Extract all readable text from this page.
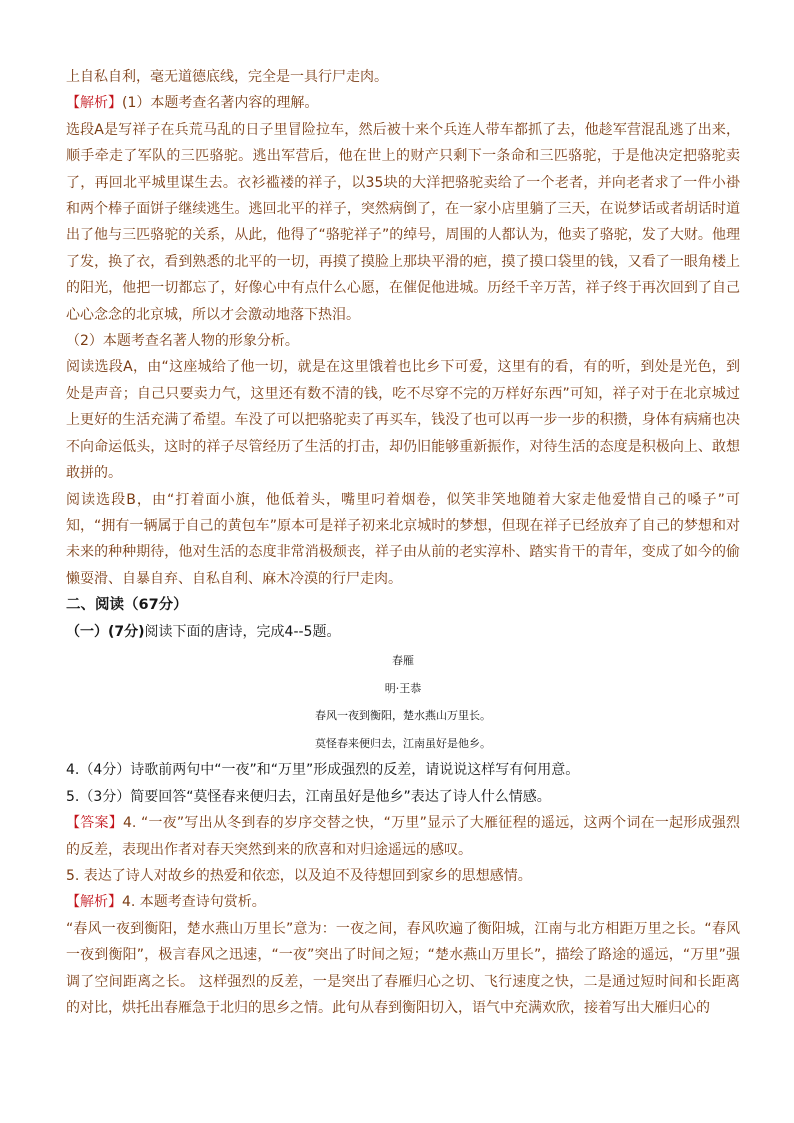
上自私自利，毫无道德底线，完全是一具行尸走肉。

【解析】(1）本题考查名著内容的理解。

选段A是写祥子在兵荒马乱的日子里冒险拉车，然后被十来个兵连人带车都抓了去，他趁军营混乱逃了出来，顺手牵走了军队的三匹骆驼。逃出军营后，他在世上的财产只剩下一条命和三匹骆驼，于是他决定把骆驼卖了，再回北平城里谋生去。衣衫褴褛的祥子，以35块的大洋把骆驼卖给了一个老者，并向老者求了一件小褂和两个棒子面饼子继续逃生。逃回北平的祥子，突然病倒了，在一家小店里躺了三天，在说梦话或者胡话时道出了他与三匹骆驼的关系，从此，他得了“骆驼祥子”的绰号，周围的人都认为，他卖了骆驼，发了大财。他理了发，换了衣，看到熟悉的北平的一切，再摸了摸脸上那块平滑的疤，摸了摸口袋里的钱，又看了一眼角楼上的阳光，他把一切都忘了，好像心中有点什么心愿，在催促他进城。历经千辛万苦，祥子终于再次回到了自己心心念念的北京城，所以才会激动地落下热泪。

（2）本题考查名著人物的形象分析。

阅读选段A，由“这座城给了他一切，就是在这里饿着也比乡下可爱，这里有的看，有的听，到处是光色，到处是声音；自己只要卖力气，这里还有数不清的钱，吃不尽穿不完的万样好东西”可知，祥子对于在北京城过上更好的生活充满了希望。车没了可以把骆驼卖了再买车，钱没了也可以再一步一步的积攒，身体有病痛也决不向命运低头，这时的祥子尽管经历了生活的打击，却仍旧能够重新振作，对待生活的态度是积极向上、敢想敢拼的。

阅读选段B，由“打着面小旗，他低着头，嘴里叼着烟卷，似笑非笑地随着大家走他爱惜自己的嗓子”可知，“拥有一辆属于自己的黄包车”原本可是祥子初来北京城时的梦想，但现在祥子已经放弃了自己的梦想和对未来的种种期待，他对生活的态度非常消极颓丧，祥子由从前的老实淳朴、踏实肯干的青年，变成了如今的偷懒耍滑、自暴自弃、自私自利、麻木冷漠的行尸走肉。

二、阅读（67分）

（一）(7分)阅读下面的唐诗，完成4--5题。

春雁

明·王恭

春风一夜到衡阳，楚水燕山万里长。

莫怪春来便归去，江南虽好是他乡。

4.（4分）诗歌前两句中“一夜”和“万里”形成强烈的反差，请说说这样写有何用意。

5.（3分）简要回答“莫怪春来便归去，江南虽好是他乡”表达了诗人什么情感。

【答案】4. “一夜”写出从冬到春的岁序交替之快，“万里”显示了大雁征程的遥远，这两个词在一起形成强烈的反差，表现出作者对春天突然到来的欣喜和对归途遥远的感叹。

5. 表达了诗人对故乡的热爱和依恋，以及迫不及待想回到家乡的思想感情。

【解析】4. 本题考查诗句赏析。

“春风一夜到衡阳，楚水燕山万里长”意为：一夜之间，春风吹遍了衡阳城，江南与北方相距万里之长。“春风一夜到衡阳”，极言春风之迅速，“一夜”突出了时间之短；“楚水燕山万里长”，描绘了路途的遥远，“万里”强调了空间距离之长。 这样强烈的反差，一是突出了春雁归心之切、飞行速度之快，二是通过短时间和长距离的对比，烘托出春雁急于北归的思乡之情。此句从春到衡阳切入，语气中充满欢欣，接着写出大雁归心的
